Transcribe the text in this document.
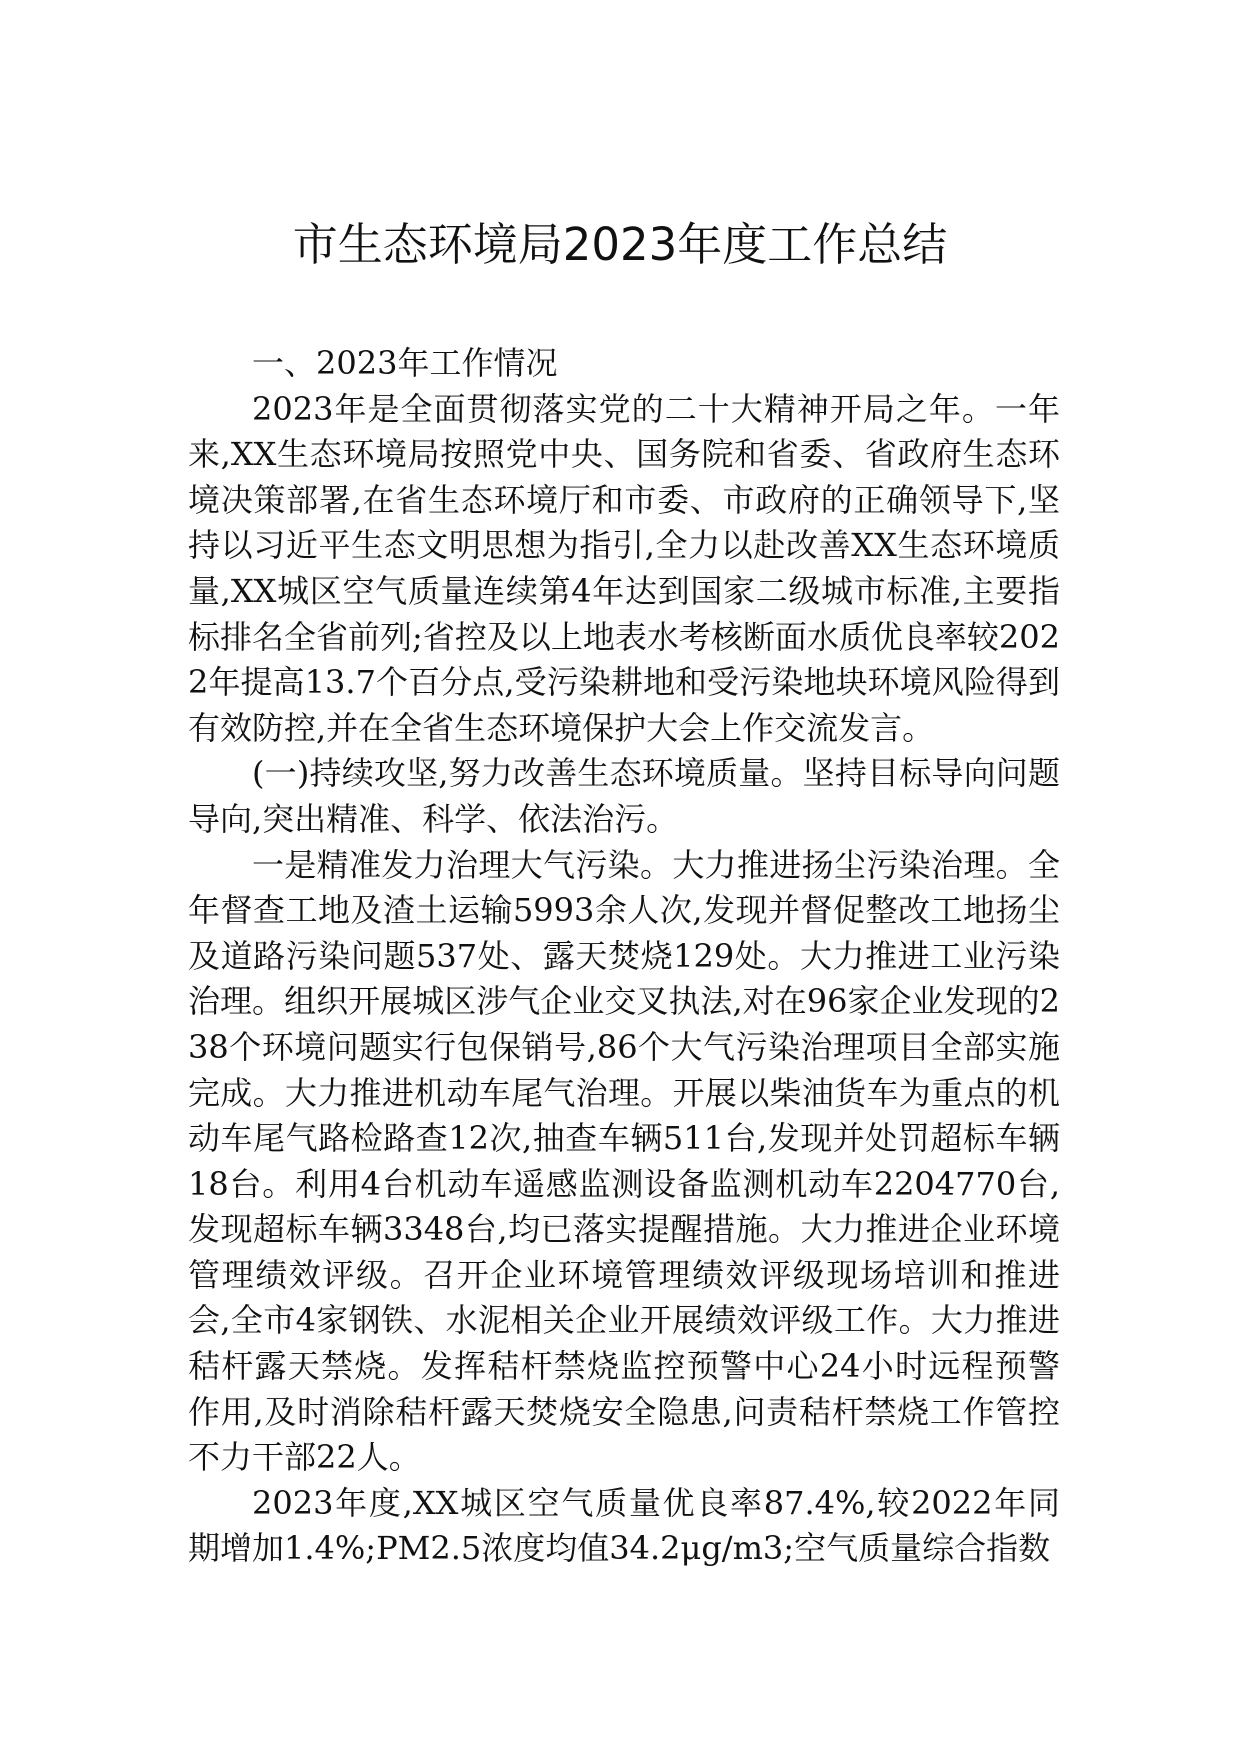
市生态环境局2023年度工作总结

一、2023年工作情况

2023年是全面贯彻落实党的二十大精神开局之年。一年来,XX生态环境局按照党中央、国务院和省委、省政府生态环境决策部署,在省生态环境厅和市委、市政府的正确领导下,坚持以习近平生态文明思想为指引,全力以赴改善XX生态环境质量,XX城区空气质量连续第4年达到国家二级城市标准,主要指标排名全省前列;省控及以上地表水考核断面水质优良率较2022年提高13.7个百分点,受污染耕地和受污染地块环境风险得到有效防控,并在全省生态环境保护大会上作交流发言。

(一)持续攻坚,努力改善生态环境质量。坚持目标导向问题导向,突出精准、科学、依法治污。

一是精准发力治理大气污染。大力推进扬尘污染治理。全年督查工地及渣土运输5993余人次,发现并督促整改工地扬尘及道路污染问题537处、露天焚烧129处。大力推进工业污染治理。组织开展城区涉气企业交叉执法,对在96家企业发现的238个环境问题实行包保销号,86个大气污染治理项目全部实施完成。大力推进机动车尾气治理。开展以柴油货车为重点的机动车尾气路检路查12次,抽查车辆511台,发现并处罚超标车辆18台。利用4台机动车遥感监测设备监测机动车2204770台,发现超标车辆3348台,均已落实提醒措施。大力推进企业环境管理绩效评级。召开企业环境管理绩效评级现场培训和推进会,全市4家钢铁、水泥相关企业开展绩效评级工作。大力推进秸杆露天禁烧。发挥秸杆禁烧监控预警中心24小时远程预警作用,及时消除秸杆露天焚烧安全隐患,问责秸杆禁烧工作管控不力干部22人。

2023年度,XX城区空气质量优良率87.4%,较2022年同期增加1.4%;PM2.5浓度均值34.2μg/m3;空气质量综合指数
